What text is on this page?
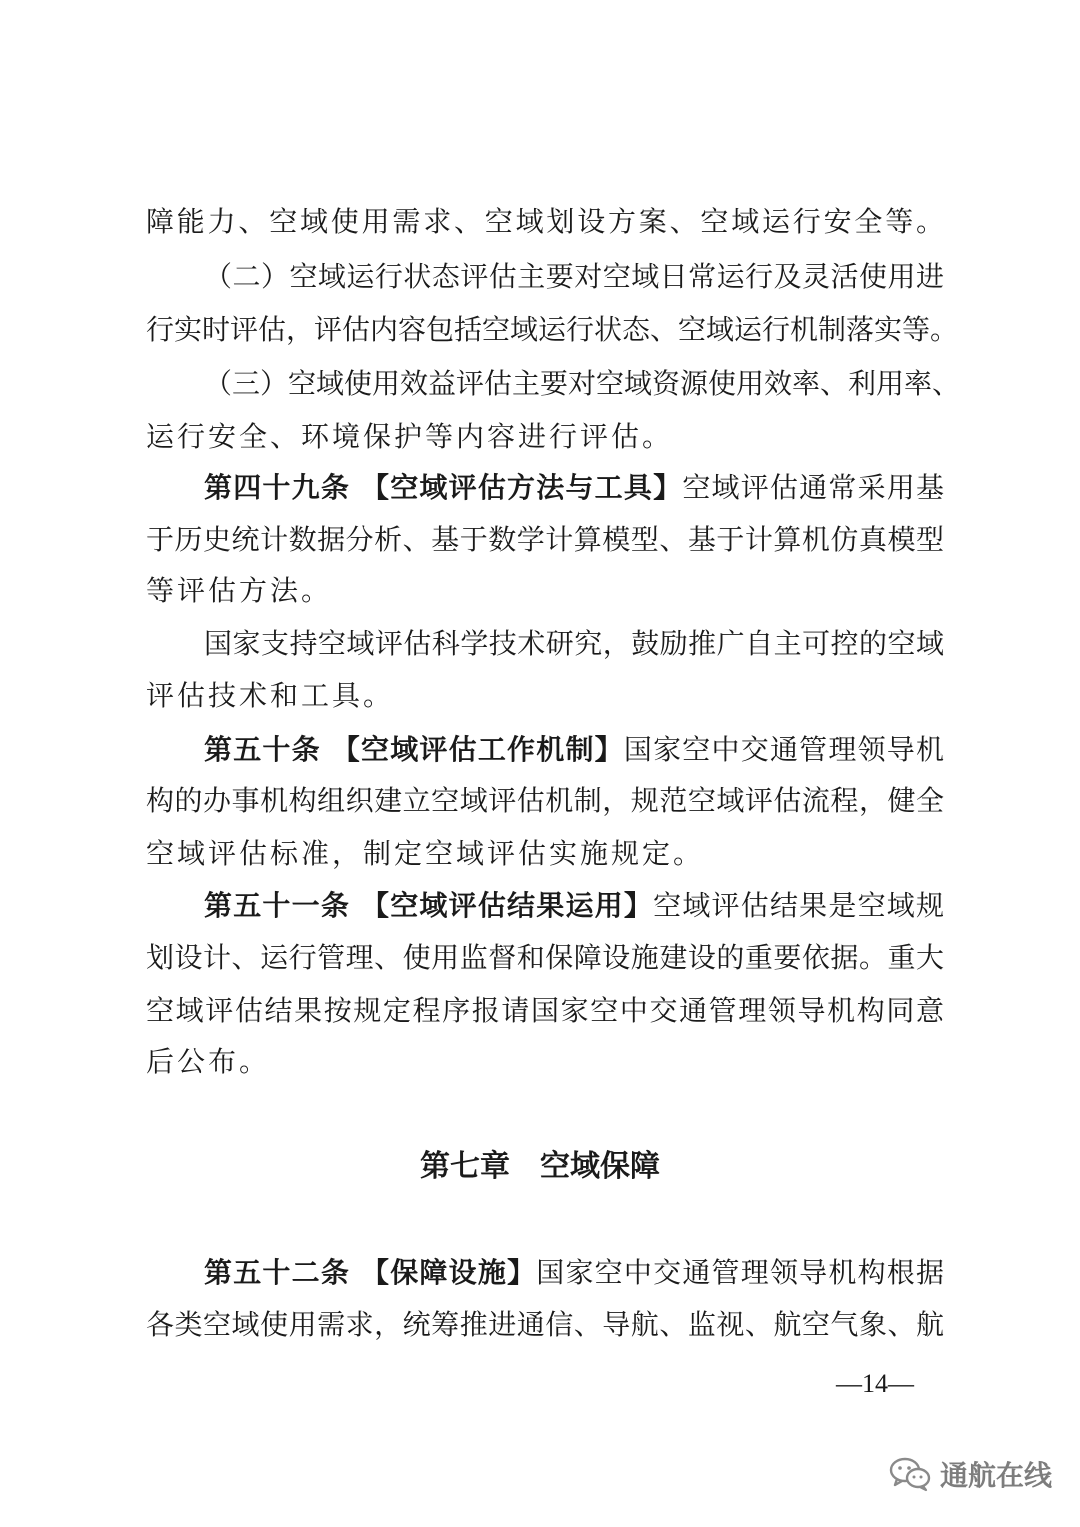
障能力、空域使用需求、空域划设方案、空域运行安全等。
（二）空域运行状态评估主要对空域日常运行及灵活使用进
行实时评估，评估内容包括空域运行状态、空域运行机制落实等。
（三）空域使用效益评估主要对空域资源使用效率、利用率、
运行安全、环境保护等内容进行评估。
第四十九条 【空域评估方法与工具】空域评估通常采用基
于历史统计数据分析、基于数学计算模型、基于计算机仿真模型
等评估方法。
国家支持空域评估科学技术研究，鼓励推广自主可控的空域
评估技术和工具。
第五十条 【空域评估工作机制】国家空中交通管理领导机
构的办事机构组织建立空域评估机制，规范空域评估流程，健全
空域评估标准，制定空域评估实施规定。
第五十一条 【空域评估结果运用】空域评估结果是空域规
划设计、运行管理、使用监督和保障设施建设的重要依据。重大
空域评估结果按规定程序报请国家空中交通管理领导机构同意
后公布。
第七章　空域保障
第五十二条 【保障设施】国家空中交通管理领导机构根据
各类空域使用需求，统筹推进通信、导航、监视、航空气象、航
—14—
通航在线
